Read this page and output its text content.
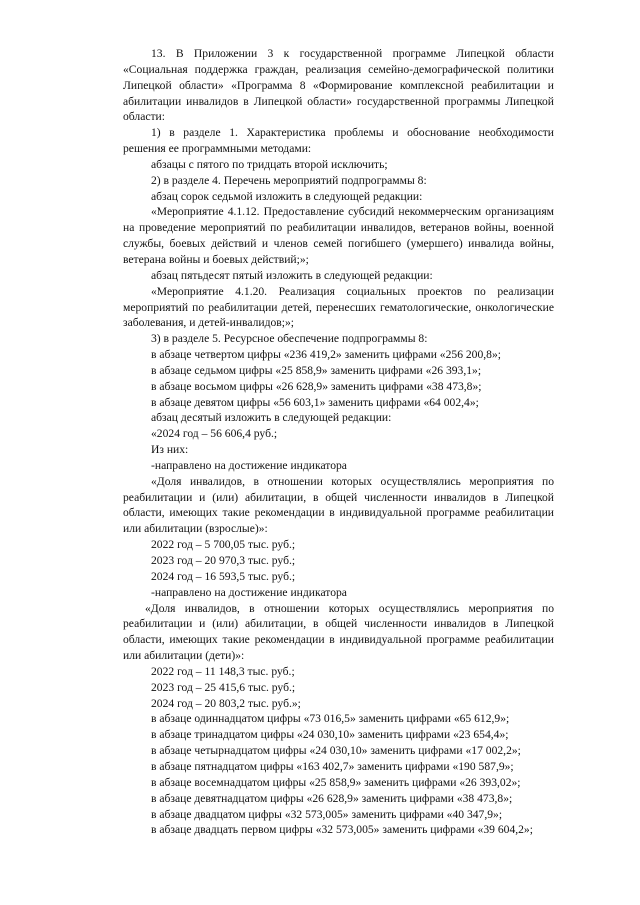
13. В Приложении 3 к государственной программе Липецкой области «Социальная поддержка граждан, реализация семейно-демографической политики Липецкой области» «Программа 8 «Формирование комплексной реабилитации и абилитации инвалидов в Липецкой области» государственной программы Липецкой области:

1) в разделе 1. Характеристика проблемы и обоснование необходимости решения ее программными методами:

абзацы с пятого по тридцать второй исключить;

2) в разделе 4. Перечень мероприятий подпрограммы 8:

абзац сорок седьмой изложить в следующей редакции:

«Мероприятие 4.1.12. Предоставление субсидий некоммерческим организациям на проведение мероприятий по реабилитации инвалидов, ветеранов войны, военной службы, боевых действий и членов семей погибшего (умершего) инвалида войны, ветерана войны и боевых действий;»;

абзац пятьдесят пятый изложить в следующей редакции:

«Мероприятие 4.1.20. Реализация социальных проектов по реализации мероприятий по реабилитации детей, перенесших гематологические, онкологические заболевания, и детей-инвалидов;»;

3) в разделе 5. Ресурсное обеспечение подпрограммы 8:

в абзаце четвертом цифры «236 419,2» заменить цифрами «256 200,8»;

в абзаце седьмом цифры «25 858,9» заменить цифрами «26 393,1»;

в абзаце восьмом цифры «26 628,9» заменить цифрами «38 473,8»;

в абзаце девятом цифры «56 603,1» заменить цифрами «64 002,4»;

абзац десятый изложить в следующей редакции:

«2024 год – 56 606,4 руб.;

Из них:

-направлено на достижение индикатора

«Доля инвалидов, в отношении которых осуществлялись мероприятия по реабилитации и (или) абилитации, в общей численности инвалидов в Липецкой области, имеющих такие рекомендации в индивидуальной программе реабилитации или абилитации (взрослые)»:

2022 год – 5 700,05 тыс. руб.;

2023 год – 20 970,3 тыс. руб.;

2024 год – 16 593,5 тыс. руб.;

-направлено на достижение индикатора

«Доля инвалидов, в отношении которых осуществлялись мероприятия по реабилитации и (или) абилитации, в общей численности инвалидов в Липецкой области, имеющих такие рекомендации в индивидуальной программе реабилитации или абилитации (дети)»:

2022 год – 11 148,3 тыс. руб.;

2023 год – 25 415,6 тыс. руб.;

2024 год – 20 803,2 тыс. руб.»;

в абзаце одиннадцатом цифры «73 016,5» заменить цифрами «65 612,9»;

в абзаце тринадцатом цифры «24 030,10» заменить цифрами «23 654,4»;

в абзаце четырнадцатом цифры «24 030,10» заменить цифрами «17 002,2»;

в абзаце пятнадцатом цифры «163 402,7» заменить цифрами «190 587,9»;

в абзаце восемнадцатом цифры «25 858,9» заменить цифрами «26 393,02»;

в абзаце девятнадцатом цифры «26 628,9» заменить цифрами «38 473,8»;

в абзаце двадцатом цифры «32 573,005» заменить цифрами «40 347,9»;

в абзаце двадцать первом цифры «32 573,005» заменить цифрами «39 604,2»;
